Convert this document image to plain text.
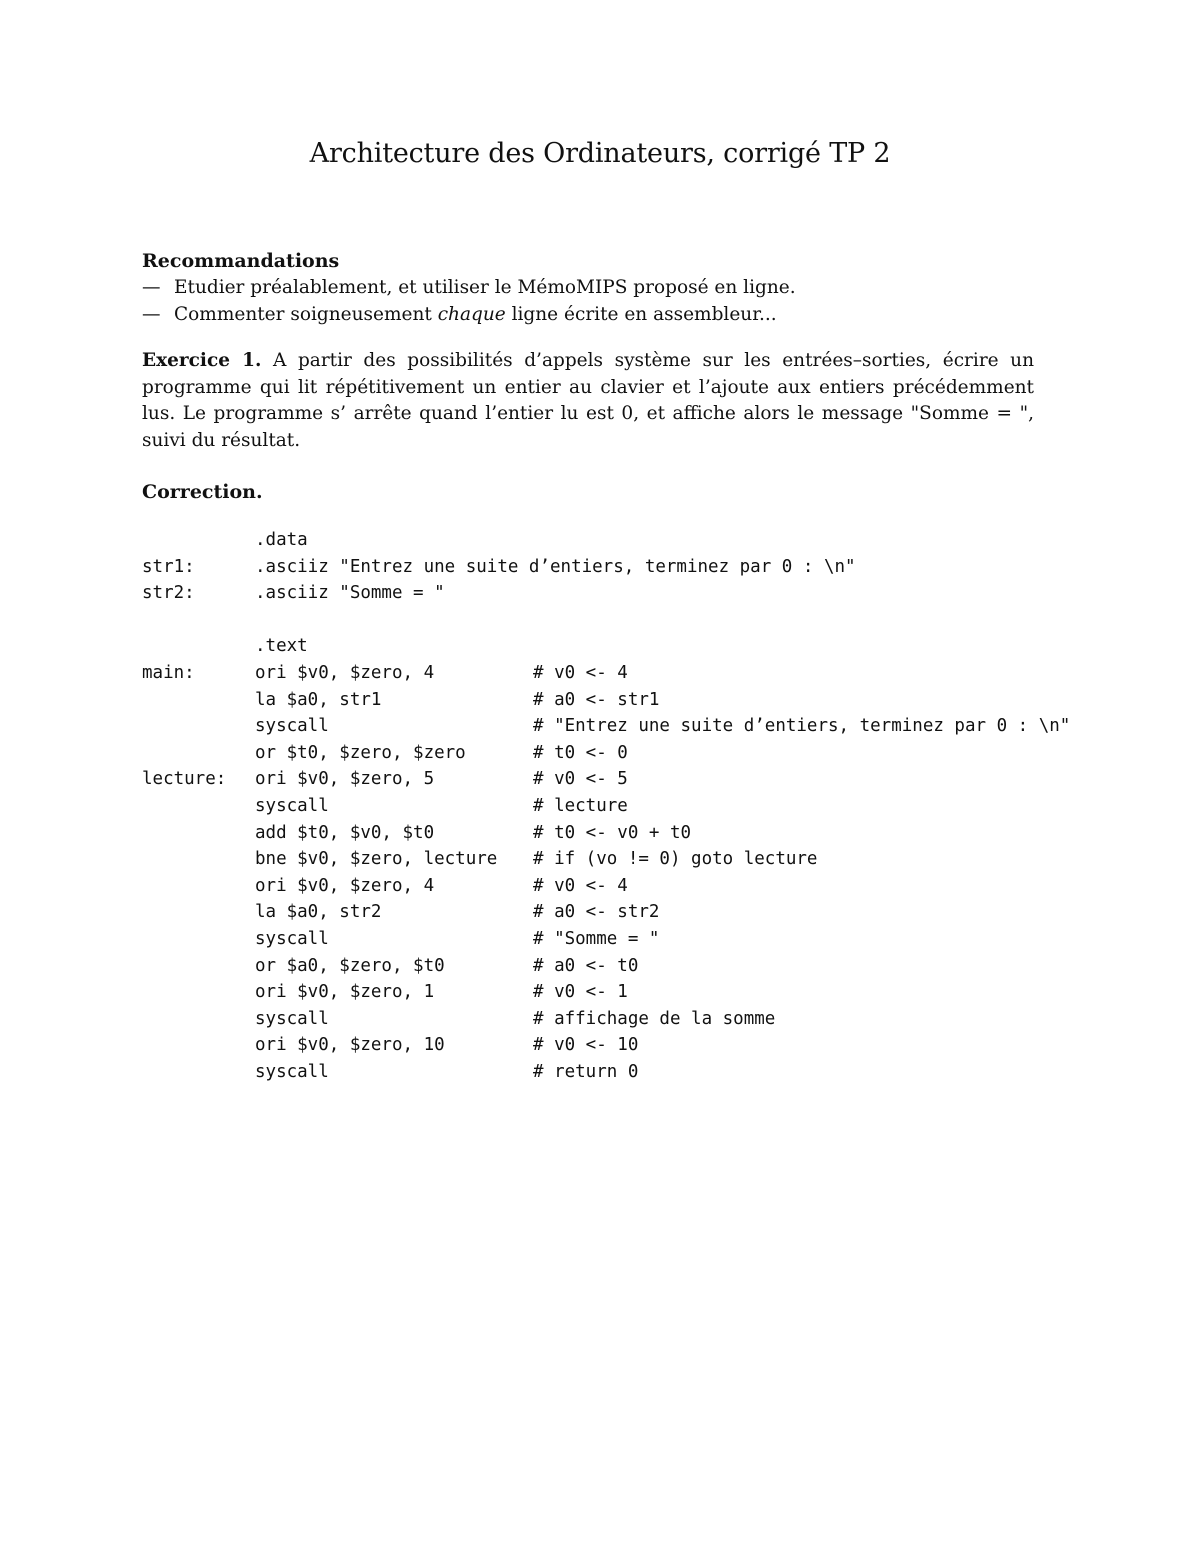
Architecture des Ordinateurs, corrigé TP 2
Recommandations
— Etudier préalablement, et utiliser le MémoMIPS proposé en ligne.
— Commenter soigneusement chaque ligne écrite en assembleur...
Exercice 1. A partir des possibilités d’appels système sur les entrées–sorties, écrire un programme qui lit répétitivement un entier au clavier et l’ajoute aux entiers précédemment lus. Le programme s’ arrête quand l’entier lu est 0, et affiche alors le message "Somme = ", suivi du résultat.
Correction.
.data
str1:	.asciiz "Entrez une suite d’entiers, terminez par 0 : \n"
str2:	.asciiz "Somme = "
.text
main:	ori $v0, $zero, 4	# v0 <- 4
la $a0, str1	# a0 <- str1
syscall	# "Entrez une suite d’entiers, terminez par 0 : \n"
or $t0, $zero, $zero	# t0 <- 0
lecture: ori $v0, $zero, 5	# v0 <- 5
syscall	# lecture
add $t0, $v0, $t0	# t0 <- v0 + t0
bne $v0, $zero, lecture # if (vo != 0) goto lecture
ori $v0, $zero, 4	# v0 <- 4
la $a0, str2	# a0 <- str2
syscall	# "Somme = "
or $a0, $zero, $t0	# a0 <- t0
ori $v0, $zero, 1	# v0 <- 1
syscall	# affichage de la somme
ori $v0, $zero, 10	# v0 <- 10
syscall	# return 0
